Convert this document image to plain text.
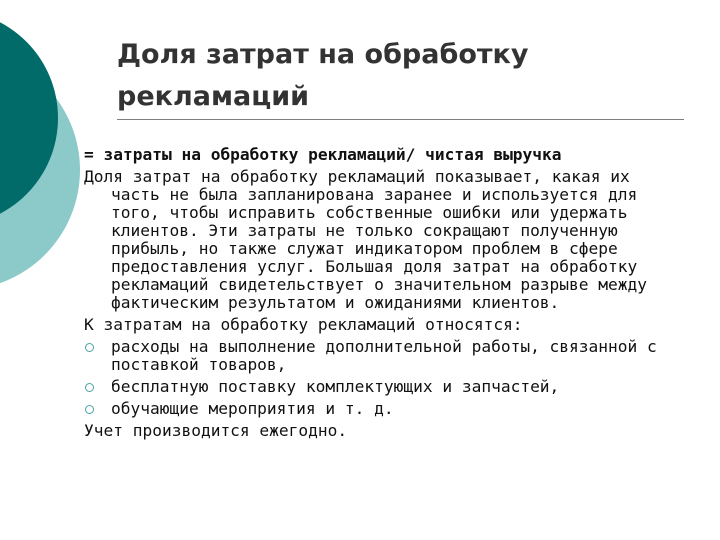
Доля затрат на обработку рекламаций

= затраты на обработку рекламаций/ чистая выручка

Доля затрат на обработку рекламаций показывает, какая их часть не была запланирована заранее и используется для того, чтобы исправить собственные ошибки или удержать клиентов. Эти затраты не только сокращают полученную прибыль, но также служат индикатором проблем в сфере предоставления услуг. Большая доля затрат на обработку рекламаций свидетельствует о значительном разрыве между фактическим результатом и ожиданиями клиентов.

К затратам на обработку рекламаций относятся:

расходы на выполнение дополнительной работы, связанной с поставкой товаров,
бесплатную поставку комплектующих и запчастей,
обучающие мероприятия и т. д.

Учет производится ежегодно.
